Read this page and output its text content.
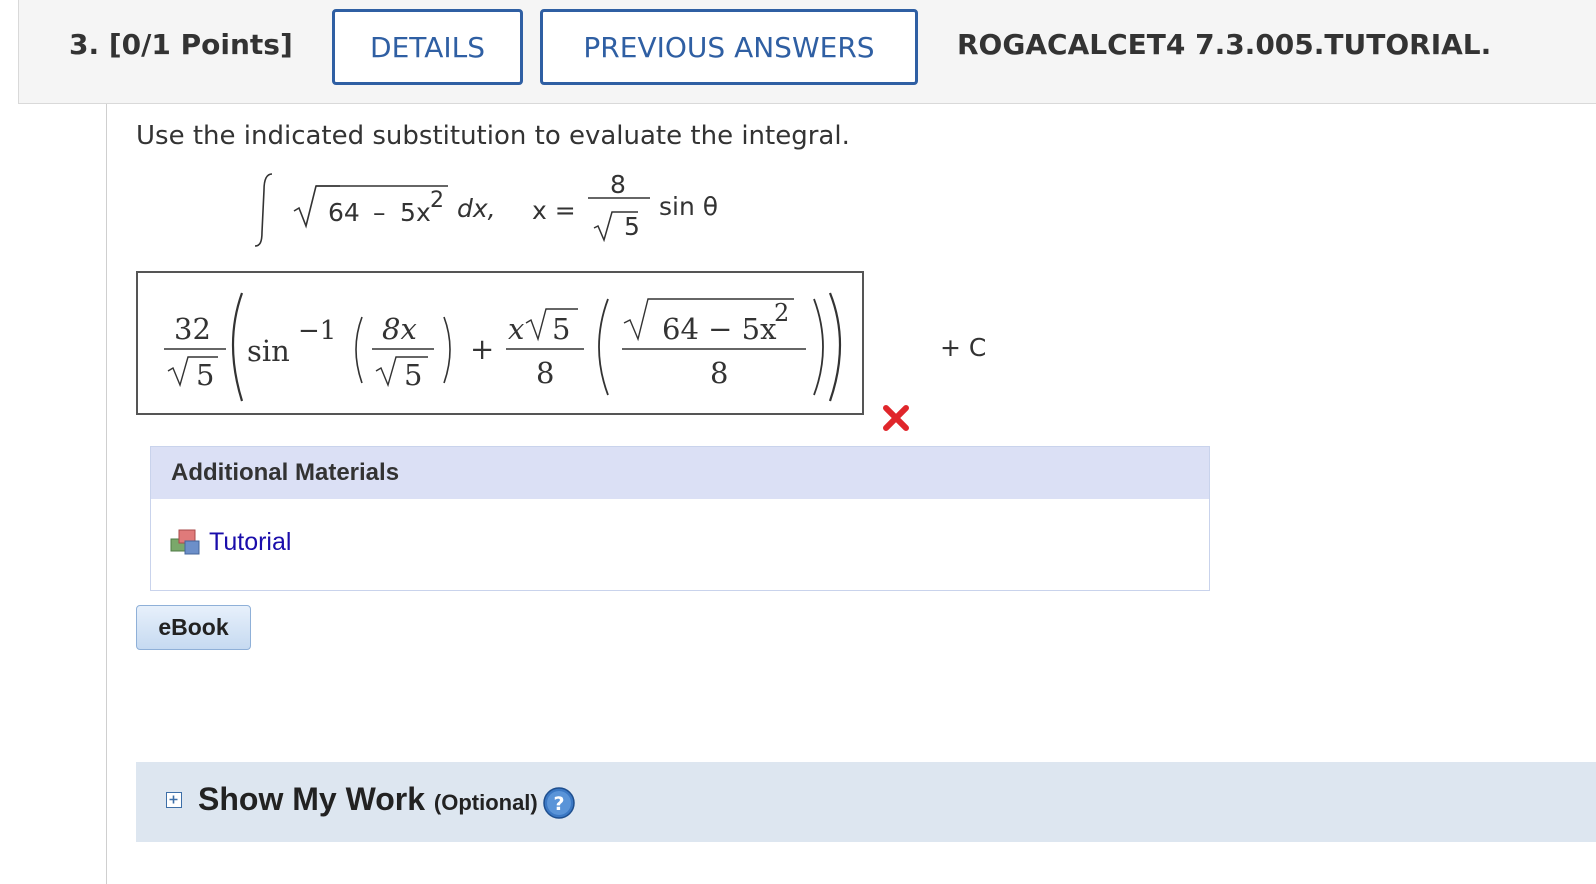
3. [0/1 Points]	DETAILS	PREVIOUS ANSWERS	ROGACALCET4 7.3.005.TUTORIAL.
Use the indicated substitution to evaluate the integral.
64 – 5 x 2 dx, x =
8
5
sin θ
32
5
sin
−1 8x
5
+
x 5
8
64 − 5x
2
8
+ C
Additional Materials
Tutorial
eBook
Show My Work (Optional) ?
